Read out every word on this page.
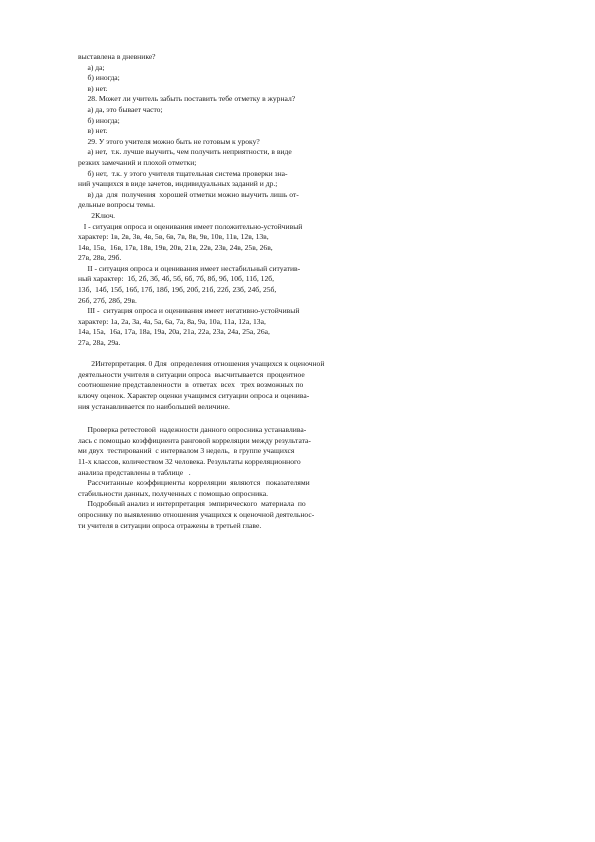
выставлена в дневнике?
а) да;
б) иногда;
в) нет.
28. Может ли учитель забыть поставить тебе отметку в журнал?
а) да, это бывает часто;
б) иногда;
в) нет.
29. У этого учителя можно быть не готовым к уроку?
а) нет,  т.к. лучше выучить, чем получить неприятности, в виде
резких замечаний и плохой отметки;
б) нет,  т.к. у этого учителя тщательная система проверки зна-
ний учащихся в виде зачетов, индивидуальных заданий и др.;
в) да  для  получения  хорошей отметки можно выучить лишь от-
дельные вопросы темы.
2Ключ.
I - ситуация опроса и оценивания имеет положительно-устойчивый
характер: 1в, 2в, 3в, 4в, 5в, 6в, 7в, 8в, 9в, 10в, 11в, 12в, 13в,
14в, 15в,  16в, 17в, 18в, 19в, 20в, 21в, 22в, 23в, 24в, 25в, 26в,
27в, 28в, 29б.
II - ситуация опроса и оценивания имеет нестабильный ситуатив-
ный характер:  1б, 2б, 3б, 4б, 5б, 6б, 7б, 8б, 9б, 10б, 11б, 12б,
13б,  14б, 15б, 16б, 17б, 18б, 19б, 20б, 21б, 22б, 23б, 24б, 25б,
26б, 27б, 28б, 29в.
III -  ситуация опроса и оценивания имеет негативно-устойчивый
характер: 1а, 2а, 3а, 4а, 5а, 6а, 7а, 8а, 9а, 10а, 11а, 12а, 13а,
14а, 15а,  16а, 17а, 18а, 19а, 20а, 21а, 22а, 23а, 24а, 25а, 26а,
27а, 28а, 29а.
2Интерпретация. 0 Для  определения отношения учащихся к оценочной
деятельности учителя в ситуации опроса  высчитывается  процентное
соотношение представленности  в  ответах  всех   трех возможных по
ключу оценок. Характер оценки учащимся ситуации опроса и оценива-
ния устанавливается по наибольшей величине.
Проверка ретестовой  надежности данного опросника устанавлива-
лась с помощью коэффициента ранговой корреляции между результата-
ми двух  тестирований  с интервалом 3 недель,  в группе учащихся
11-х классов, количеством 32 человека. Результаты корреляционного
анализа представлены в таблице   .
Рассчитанные  коэффициенты  корреляции  являются   показателями
стабильности данных, полученных с помощью опросника.
Подробный анализ и интерпретация  эмпирического  материала  по
опроснику по выявлению отношения учащихся к оценочной деятельнос-
ти учителя в ситуации опроса отражены в третьей главе.
